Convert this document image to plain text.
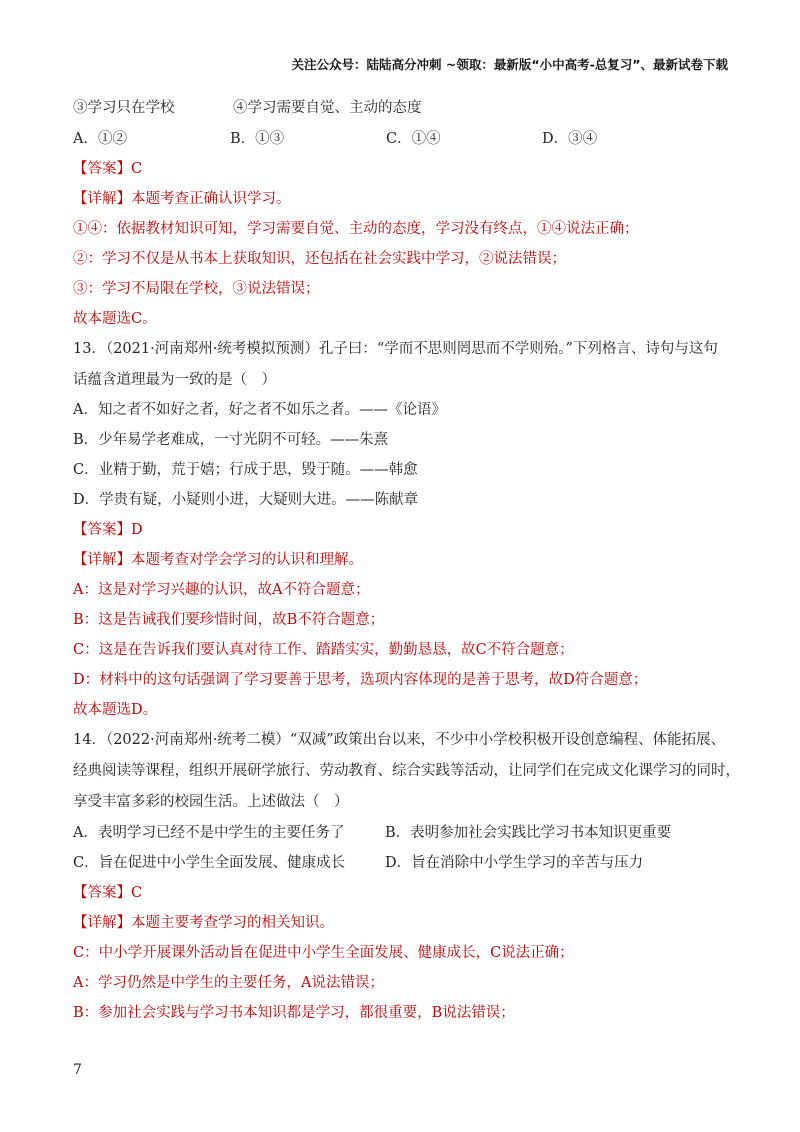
关注公众号：陆陆高分冲刺 ~领取：最新版“小中高考-总复习”、最新试卷下载
③学习只在学校	④学习需要自觉、主动的态度
A．①②	B．①③	C．①④	D．③④
【答案】C
【详解】本题考查正确认识学习。
①④：依据教材知识可知，学习需要自觉、主动的态度，学习没有终点，①④说法正确；
②：学习不仅是从书本上获取知识，还包括在社会实践中学习，②说法错误；
③：学习不局限在学校，③说法错误；
故本题选C。
13．（2021·河南郑州·统考模拟预测）孔子曰：“学而不思则罔思而不学则殆。”下列格言、诗句与这句
话蕴含道理最为一致的是（　）
A．知之者不如好之者，好之者不如乐之者。——《论语》
B．少年易学老难成，一寸光阴不可轻。——朱熹
C．业精于勤，荒于嬉；行成于思，毁于随。——韩愈
D．学贵有疑，小疑则小进，大疑则大进。——陈献章
【答案】D
【详解】本题考查对学会学习的认识和理解。
A：这是对学习兴趣的认识，故A不符合题意；
B：这是告诫我们要珍惜时间，故B不符合题意；
C：这是在告诉我们要认真对待工作、踏踏实实，勤勤恳恳，故C不符合题意；
D：材料中的这句话强调了学习要善于思考，选项内容体现的是善于思考，故D符合题意；
故本题选D。
14．（2022·河南郑州·统考二模）“双减”政策出台以来，不少中小学校积极开设创意编程、体能拓展、
经典阅读等课程，组织开展研学旅行、劳动教育、综合实践等活动，让同学们在完成文化课学习的同时，
享受丰富多彩的校园生活。上述做法（　）
A．表明学习已经不是中学生的主要任务了	B．表明参加社会实践比学习书本知识更重要
C．旨在促进中小学生全面发展、健康成长	D．旨在消除中小学生学习的辛苦与压力
【答案】C
【详解】本题主要考查学习的相关知识。
C：中小学开展课外活动旨在促进中小学生全面发展、健康成长，C说法正确；
A：学习仍然是中学生的主要任务，A说法错误；
B：参加社会实践与学习书本知识都是学习，都很重要，B说法错误；
7
